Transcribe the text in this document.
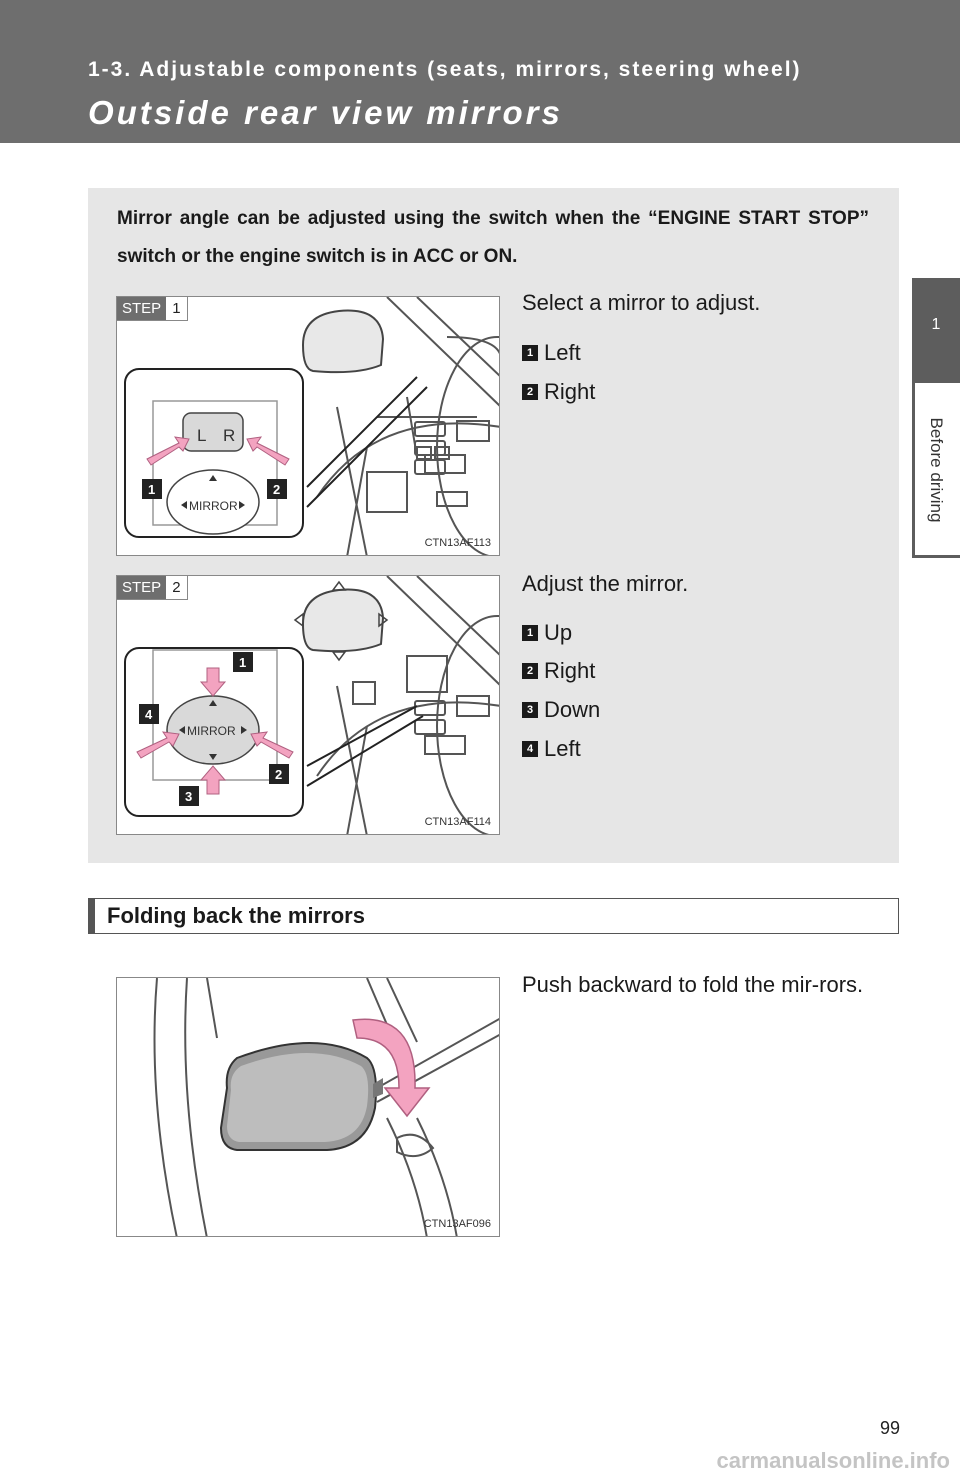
1-3. Adjustable components (seats, mirrors, steering wheel)
Outside rear view mirrors
1
Before driving
Mirror angle can be adjusted using the switch when the “ENGINE START STOP” switch or the engine switch is in ACC or ON.
L R
MIRROR
1	2
STEP 1
CTN13AF113
Select a mirror to adjust.
1 Left
2 Right
MIRROR
1
2
3
4
STEP 2
CTN13AF114
Adjust the mirror.
1 Up
2 Right
3 Down
4 Left
Folding back the mirrors
CTN13AF096
Push backward to fold the mir-rors.
99
carmanualsonline.info
